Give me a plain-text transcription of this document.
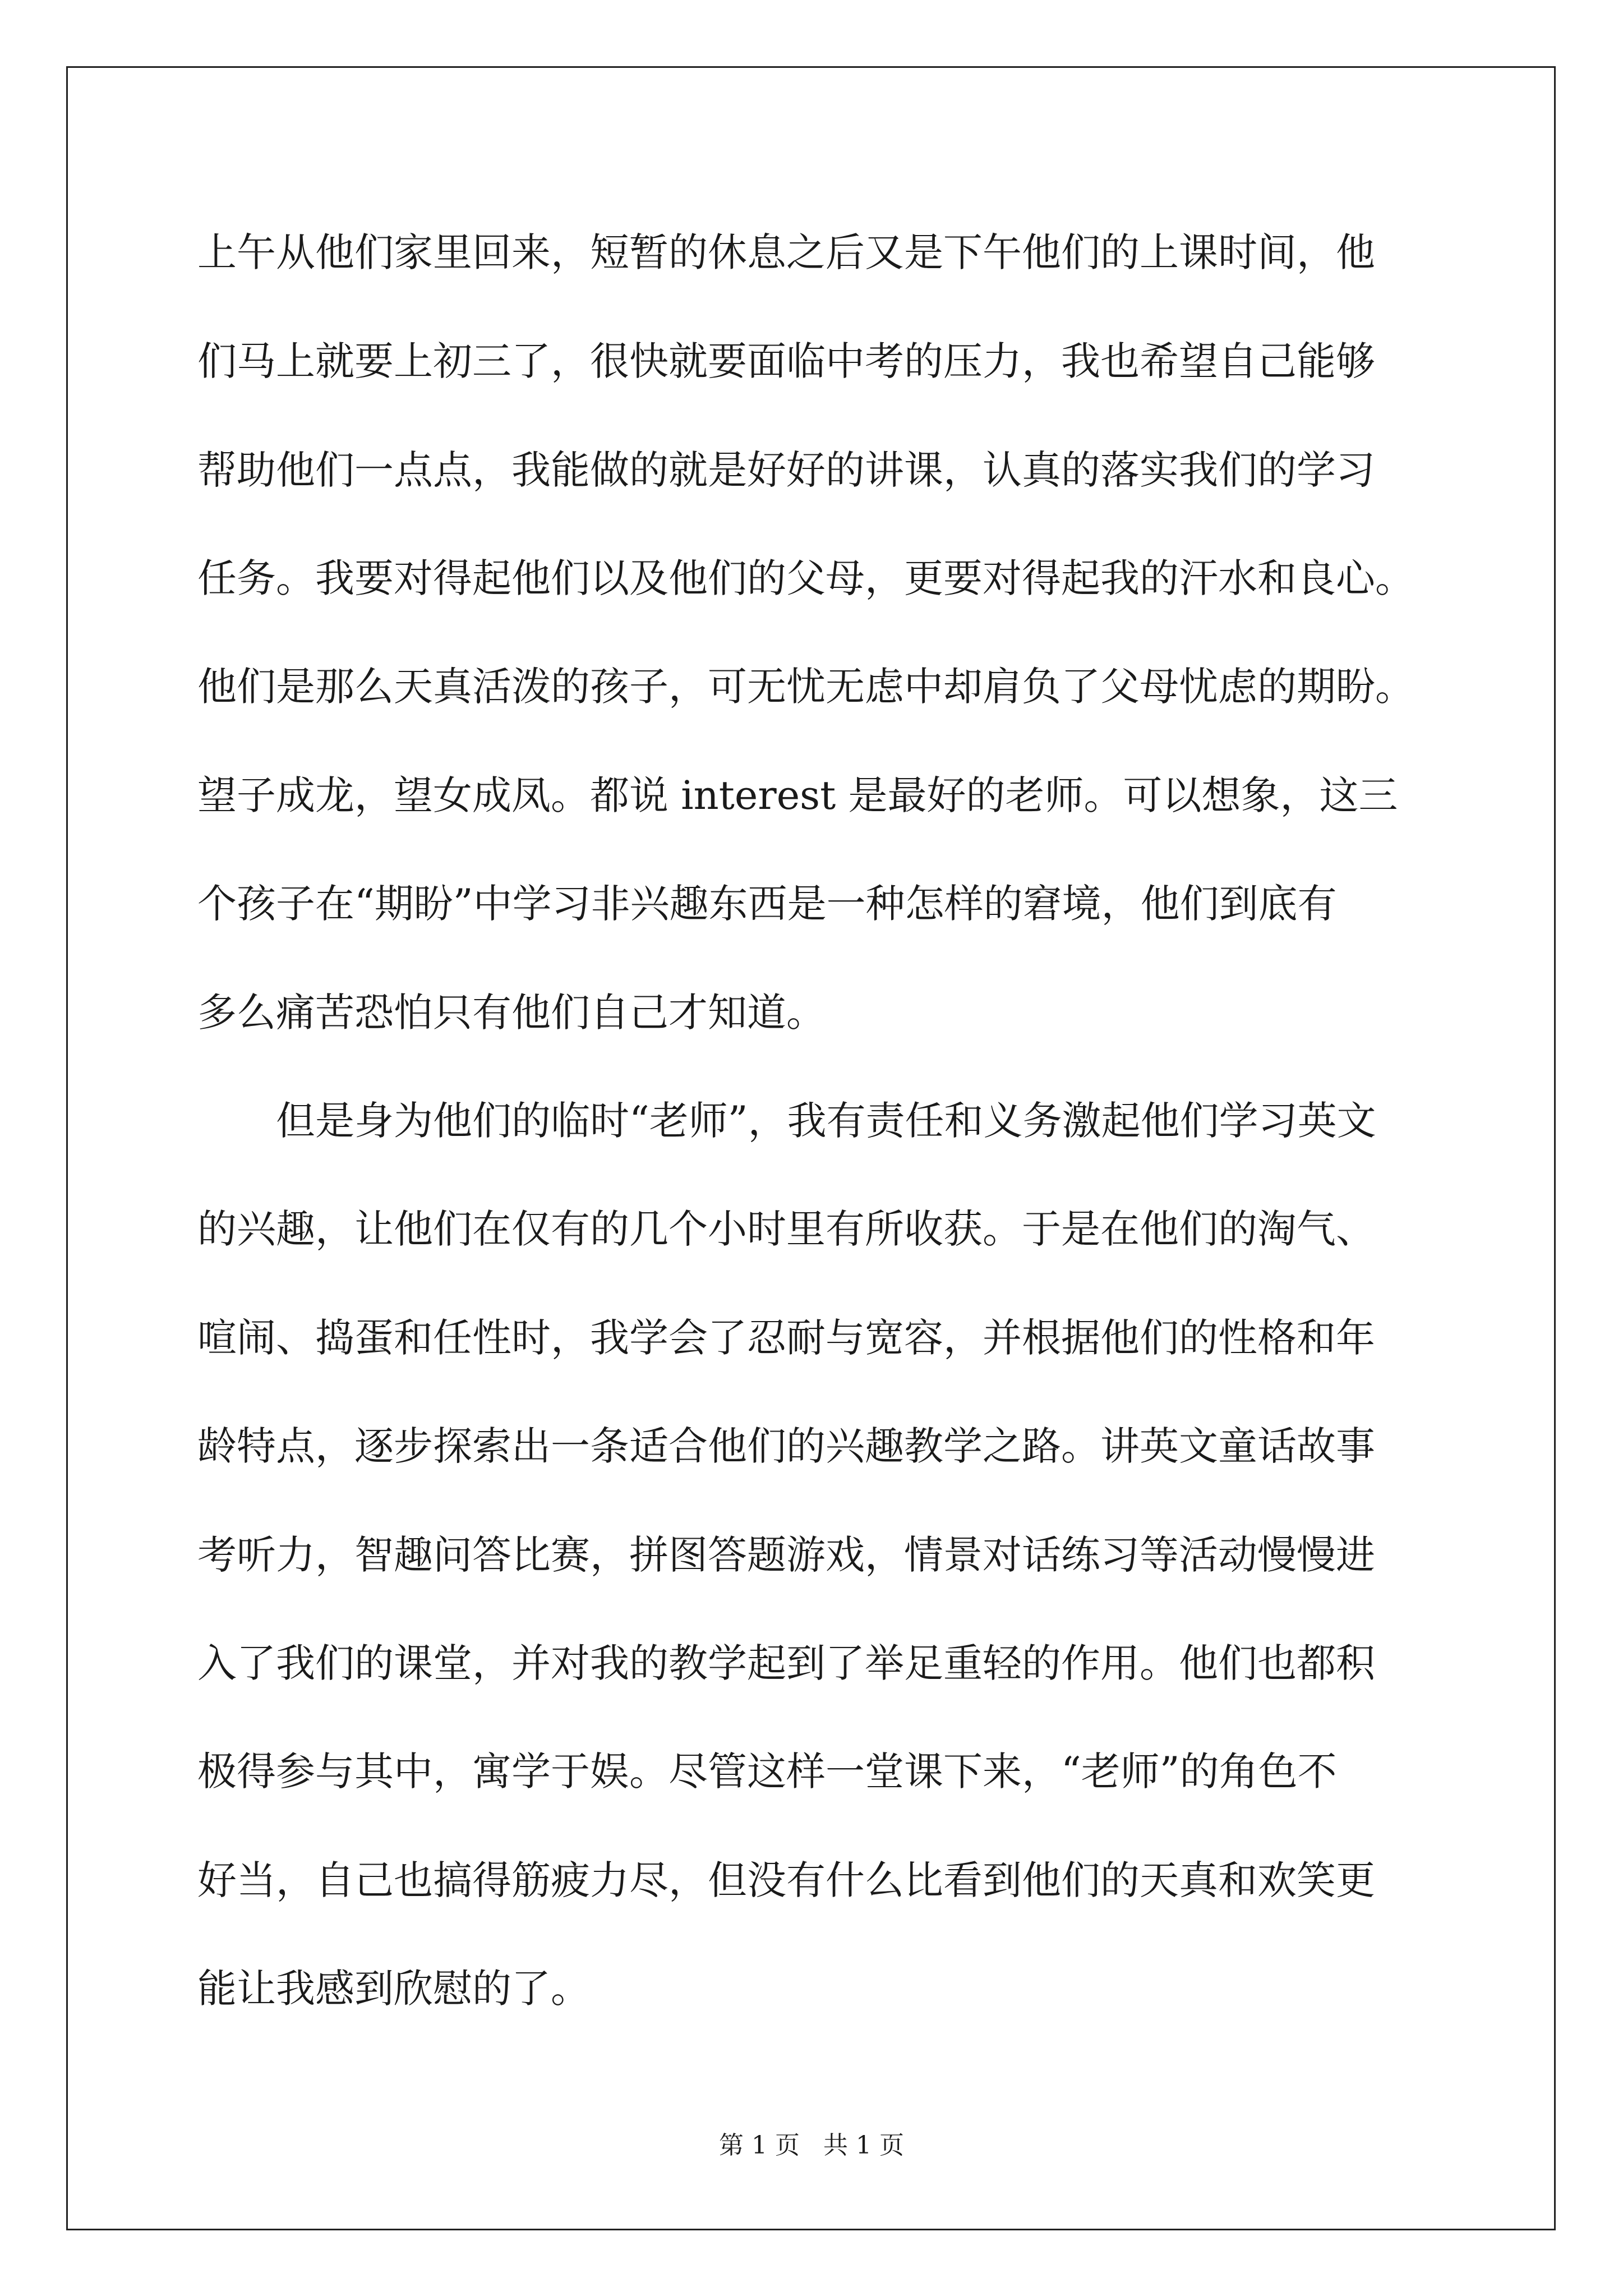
上午从他们家里回来，短暂的休息之后又是下午他们的上课时间，他
们马上就要上初三了，很快就要面临中考的压力，我也希望自己能够
帮助他们一点点，我能做的就是好好的讲课，认真的落实我们的学习
任务。我要对得起他们以及他们的父母，更要对得起我的汗水和良心。
他们是那么天真活泼的孩子，可无忧无虑中却肩负了父母忧虑的期盼。
望子成龙，望女成凤。都说 interest 是最好的老师。可以想象，这三
个孩子在“期盼”中学习非兴趣东西是一种怎样的窘境，他们到底有
多么痛苦恐怕只有他们自己才知道。
　　但是身为他们的临时“老师”，我有责任和义务激起他们学习英文
的兴趣，让他们在仅有的几个小时里有所收获。于是在他们的淘气、
喧闹、捣蛋和任性时，我学会了忍耐与宽容，并根据他们的性格和年
龄特点，逐步探索出一条适合他们的兴趣教学之路。讲英文童话故事
考听力，智趣问答比赛，拼图答题游戏，情景对话练习等活动慢慢进
入了我们的课堂，并对我的教学起到了举足重轻的作用。他们也都积
极得参与其中，寓学于娱。尽管这样一堂课下来，“老师”的角色不
好当，自己也搞得筋疲力尽，但没有什么比看到他们的天真和欢笑更
能让我感到欣慰的了。
第 1 页   共 1 页
